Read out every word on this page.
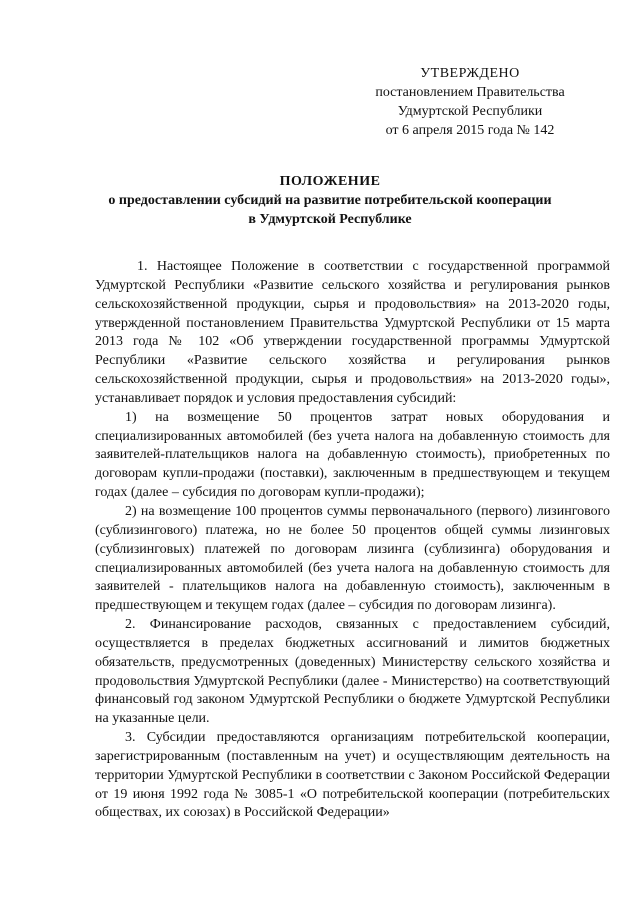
УТВЕРЖДЕНО
постановлением Правительства
Удмуртской Республики
от 6 апреля 2015 года № 142
ПОЛОЖЕНИЕ
о предоставлении субсидий на развитие потребительской кооперации
в Удмуртской Республике

1. Настоящее Положение в соответствии с государственной программой Удмуртской Республики «Развитие сельского хозяйства и регулирования рынков сельскохозяйственной продукции, сырья и продовольствия» на 2013-2020 годы, утвержденной постановлением Правительства Удмуртской Республики от 15 марта 2013 года № 102 «Об утверждении государственной программы Удмуртской Республики «Развитие сельского хозяйства и регулирования рынков сельскохозяйственной продукции, сырья и продовольствия» на 2013-2020 годы», устанавливает порядок и условия предоставления субсидий:

1) на возмещение 50 процентов затрат новых оборудования и специализированных автомобилей (без учета налога на добавленную стоимость для заявителей-плательщиков налога на добавленную стоимость), приобретенных по договорам купли-продажи (поставки), заключенным в предшествующем и текущем годах (далее – субсидия по договорам купли-продажи);

2) на возмещение 100 процентов суммы первоначального (первого) лизингового (сублизингового) платежа, но не более 50 процентов общей суммы лизинговых (сублизинговых) платежей по договорам лизинга (сублизинга) оборудования и специализированных автомобилей (без учета налога на добавленную стоимость для заявителей - плательщиков налога на добавленную стоимость), заключенным в предшествующем и текущем годах (далее – субсидия по договорам лизинга).

2. Финансирование расходов, связанных с предоставлением субсидий, осуществляется в пределах бюджетных ассигнований и лимитов бюджетных обязательств, предусмотренных (доведенных) Министерству сельского хозяйства и продовольствия Удмуртской Республики (далее - Министерство) на соответствующий финансовый год законом Удмуртской Республики о бюджете Удмуртской Республики на указанные цели.

3. Субсидии предоставляются организациям потребительской кооперации, зарегистрированным (поставленным на учет) и осуществляющим деятельность на территории Удмуртской Республики в соответствии с Законом Российской Федерации от 19 июня 1992 года № 3085-1 «О потребительской кооперации (потребительских обществах, их союзах) в Российской Федерации»
